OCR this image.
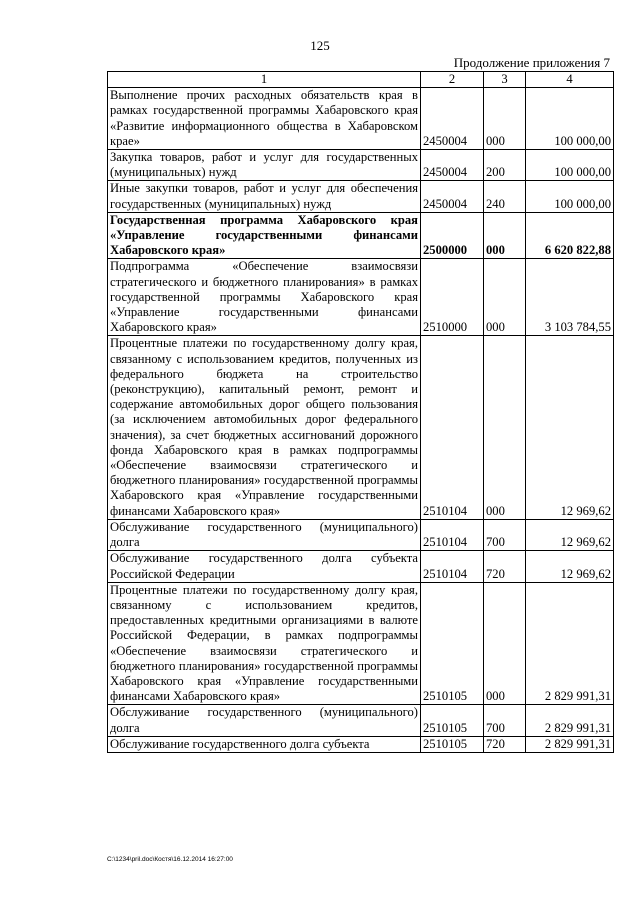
125
Продолжение приложения 7
1	2	3	4
Выполнение прочих расходных обязательств края в рамках государственной программы Хабаровского края «Развитие информационного общества в Хабаровском крае»	2450004	000	100 000,00
Закупка товаров, работ и услуг для государственных (муниципальных) нужд	2450004	200	100 000,00
Иные закупки товаров, работ и услуг для обеспечения государственных (муниципальных) нужд	2450004	240	100 000,00
Государственная программа Хабаровского края «Управление государственными финансами Хабаровского края»	2500000	000	6 620 822,88
Подпрограмма «Обеспечение взаимосвязи стратегического и бюджетного планирования» в рамках государственной программы Хабаровского края «Управление государственными финансами Хабаровского края»	2510000	000	3 103 784,55
Процентные платежи по государственному долгу края, связанному с использованием кредитов, полученных из федерального бюджета на строительство (реконструкцию), капитальный ремонт, ремонт и содержание автомобильных дорог общего пользования (за исключением автомобильных дорог федерального значения), за счет бюджетных ассигнований дорожного фонда Хабаровского края в рамках подпрограммы «Обеспечение взаимосвязи стратегического и бюджетного планирования» государственной программы Хабаровского края «Управление государственными финансами Хабаровского края»	2510104	000	12 969,62
Обслуживание государственного (муниципального) долга	2510104	700	12 969,62
Обслуживание государственного долга субъекта Российской Федерации	2510104	720	12 969,62
Процентные платежи по государственному долгу края, связанному с использованием кредитов, предоставленных кредитными организациями в валюте Российской Федерации, в рамках подпрограммы «Обеспечение взаимосвязи стратегического и бюджетного планирования» государственной программы Хабаровского края «Управление государственными финансами Хабаровского края»	2510105	000	2 829 991,31
Обслуживание государственного (муниципального) долга	2510105	700	2 829 991,31
Обслуживание государственного долга субъекта	2510105	720	2 829 991,31
C:\1234\pril.doc\Костя\16.12.2014 16:27:00
